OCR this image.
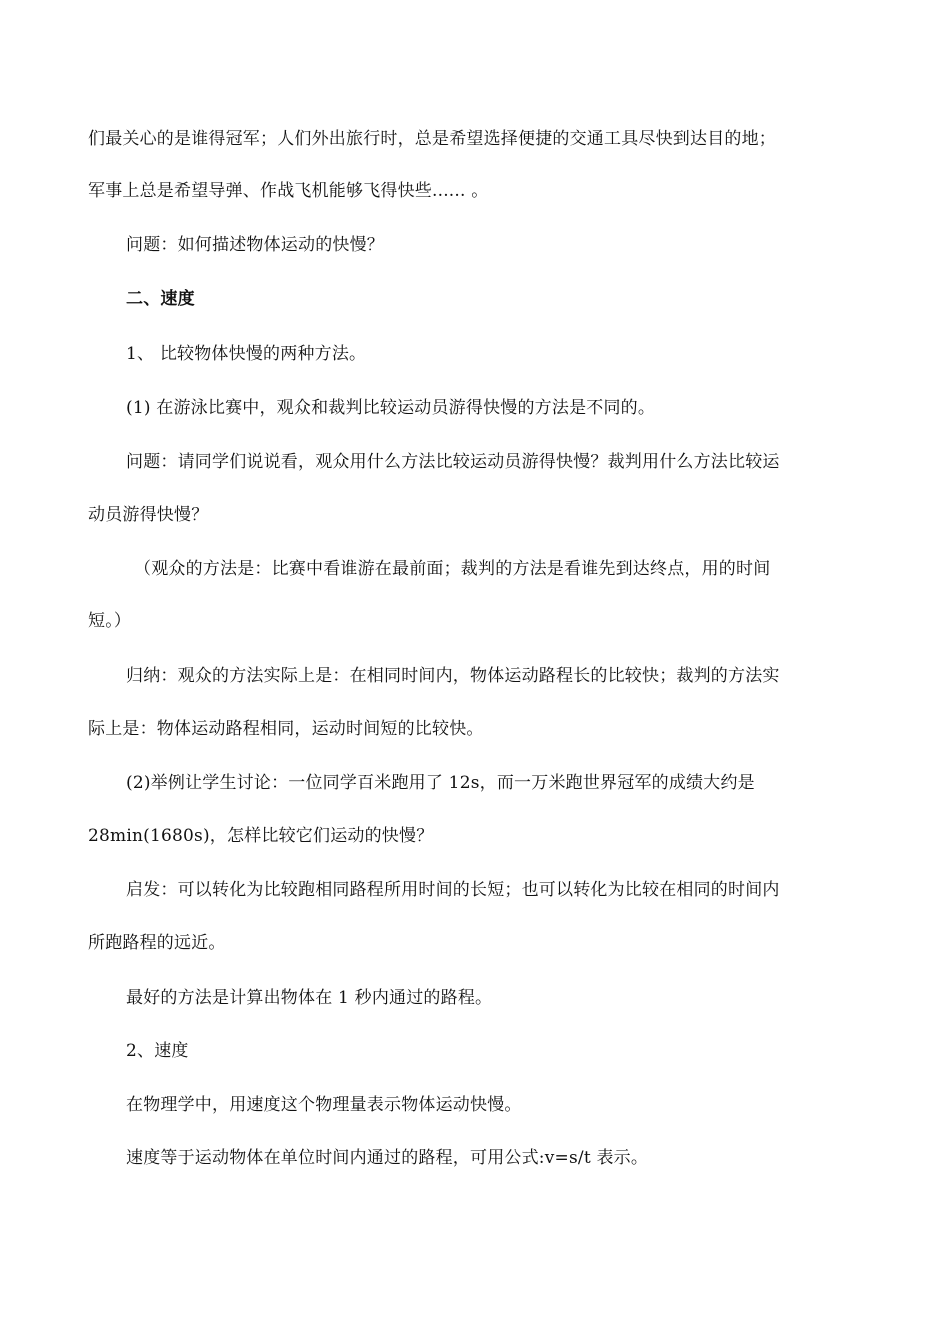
们最关心的是谁得冠军；人们外出旅行时，总是希望选择便捷的交通工具尽快到达目的地；
军事上总是希望导弹、作战飞机能够飞得快些...... 。
问题：如何描述物体运动的快慢？
二、速度
1、 比较物体快慢的两种方法。
(1) 在游泳比赛中，观众和裁判比较运动员游得快慢的方法是不同的。
问题：请同学们说说看，观众用什么方法比较运动员游得快慢？裁判用什么方法比较运
动员游得快慢？
（观众的方法是：比赛中看谁游在最前面；裁判的方法是看谁先到达终点，用的时间
短。）
归纳：观众的方法实际上是：在相同时间内，物体运动路程长的比较快；裁判的方法实
际上是：物体运动路程相同，运动时间短的比较快。
(2)举例让学生讨论：一位同学百米跑用了 12s，而一万米跑世界冠军的成绩大约是
28min(1680s)，怎样比较它们运动的快慢？
启发：可以转化为比较跑相同路程所用时间的长短；也可以转化为比较在相同的时间内
所跑路程的远近。
最好的方法是计算出物体在 1 秒内通过的路程。
2、速度
在物理学中，用速度这个物理量表示物体运动快慢。
速度等于运动物体在单位时间内通过的路程，可用公式:v=s/t 表示。
